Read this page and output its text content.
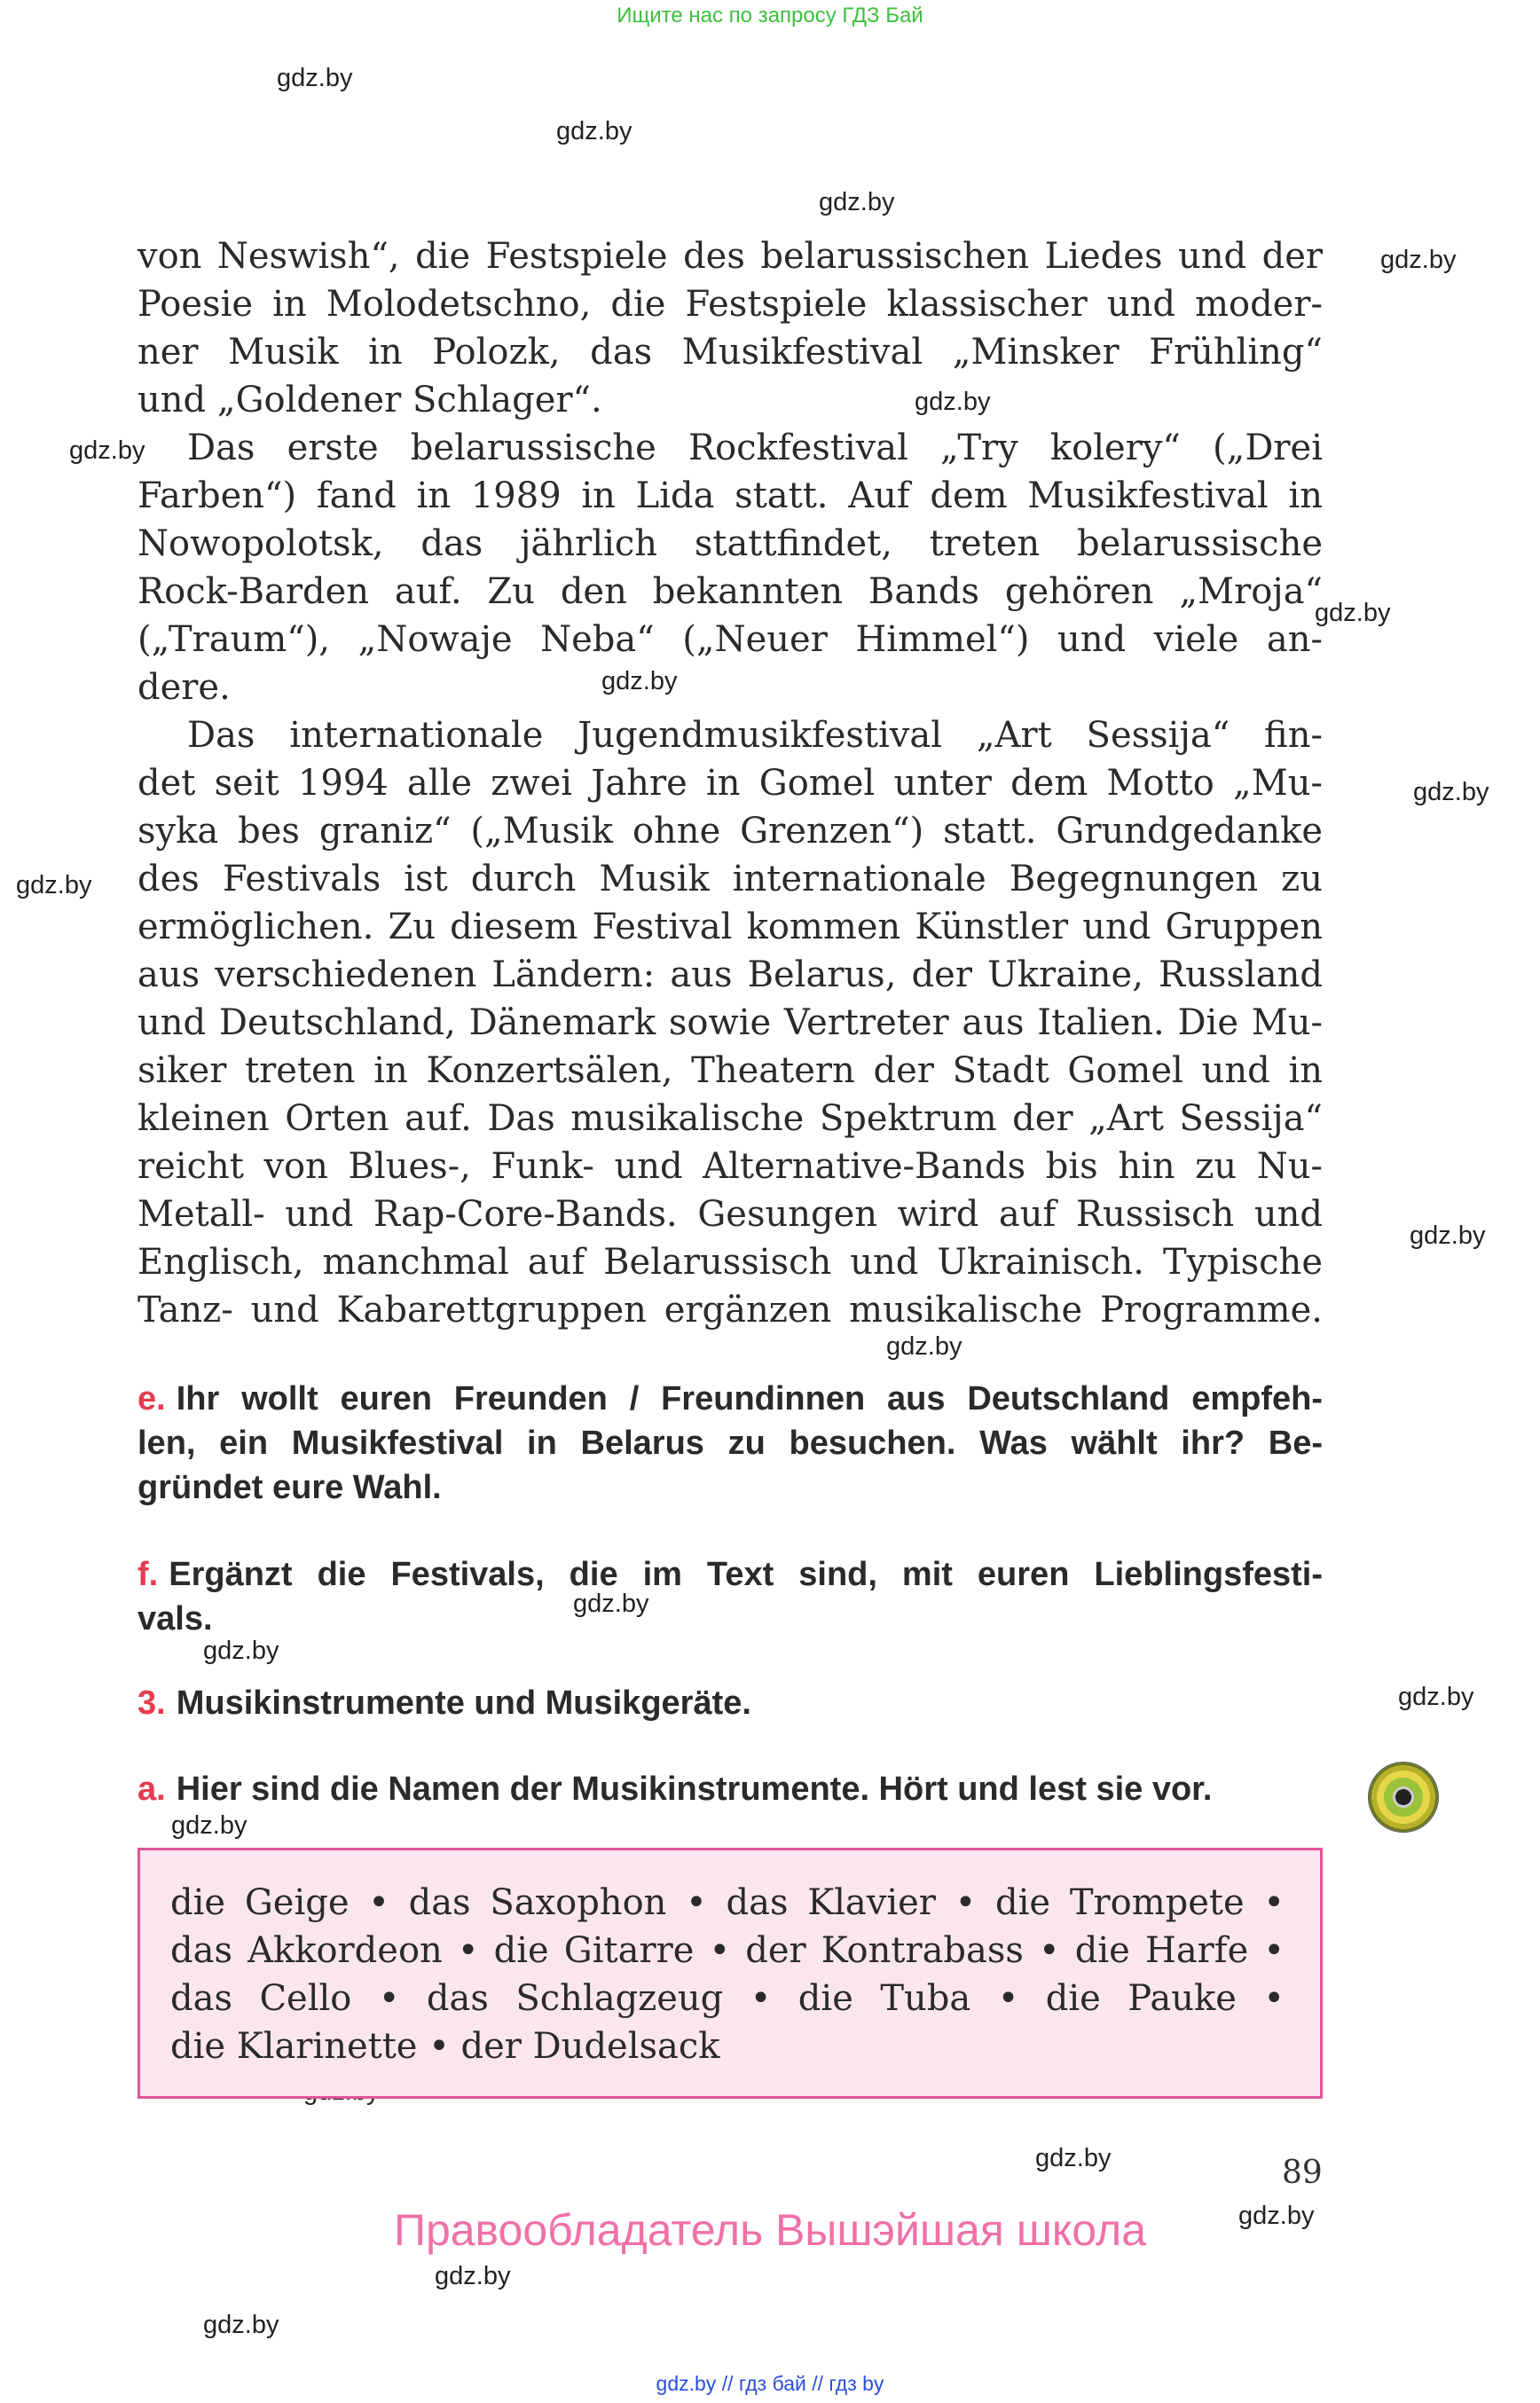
Ищите нас по запросу ГДЗ Бай
gdz.by
gdz.by
gdz.by
gdz.by
gdz.by
gdz.by
gdz.by
gdz.by
gdz.by
gdz.by
gdz.by
gdz.by
gdz.by
gdz.by
gdz.by
gdz.by
gdz.by
gdz.by
gdz.by
gdz.by
von Neswish“, die Festspiele des belarussischen Liedes und der
Poesie in Molodetschno, die Festspiele klassischer und moder-
ner Musik in Polozk, das Musikfestival „Minsker Frühling“
und „Goldener Schlager“.
Das erste belarussische Rockfestival „Try kolery“ („Drei
Farben“) fand in 1989 in Lida statt. Auf dem Musikfestival in
Nowopolotsk, das jährlich stattfindet, treten belarussische
Rock-Barden auf. Zu den bekannten Bands gehören „Mroja“
(„Traum“), „Nowaje Neba“ („Neuer Himmel“) und viele an-
dere.
Das internationale Jugendmusikfestival „Art Sessija“ fin-
det seit 1994 alle zwei Jahre in Gomel unter dem Motto „Mu-
syka bes graniz“ („Musik ohne Grenzen“) statt. Grundgedanke
des Festivals ist durch Musik internationale Begegnungen zu
ermöglichen. Zu diesem Festival kommen Künstler und Gruppen
aus verschiedenen Ländern: aus Belarus, der Ukraine, Russland
und Deutschland, Dänemark sowie Vertreter aus Italien. Die Mu-
siker treten in Konzertsälen, Theatern der Stadt Gomel und in
kleinen Orten auf. Das musikalische Spektrum der „Art Sessija“
reicht von Blues-, Funk- und Alternative-Bands bis hin zu Nu-
Metall- und Rap-Core-Bands. Gesungen wird auf Russisch und
Englisch, manchmal auf Belarussisch und Ukrainisch. Typische
Tanz- und Kabarettgruppen ergänzen musikalische Programme.
e. Ihr wollt euren Freunden / Freundinnen aus Deutschland empfeh-
len, ein Musikfestival in Belarus zu besuchen. Was wählt ihr? Be-
gründet eure Wahl.
f. Ergänzt die Festivals, die im Text sind, mit euren Lieblingsfesti-
vals.
3. Musikinstrumente und Musikgeräte.
a. Hier sind die Namen der Musikinstrumente. Hört und lest sie vor.
die Geige • das Saxophon • das Klavier • die Trompete •
das Akkordeon • die Gitarre • der Kontrabass • die Harfe •
das Cello • das Schlagzeug • die Tuba • die Pauke •
die Klarinette • der Dudelsack
89
Правообладатель Вышэйшая школа
gdz.by // гдз бай // гдз by
